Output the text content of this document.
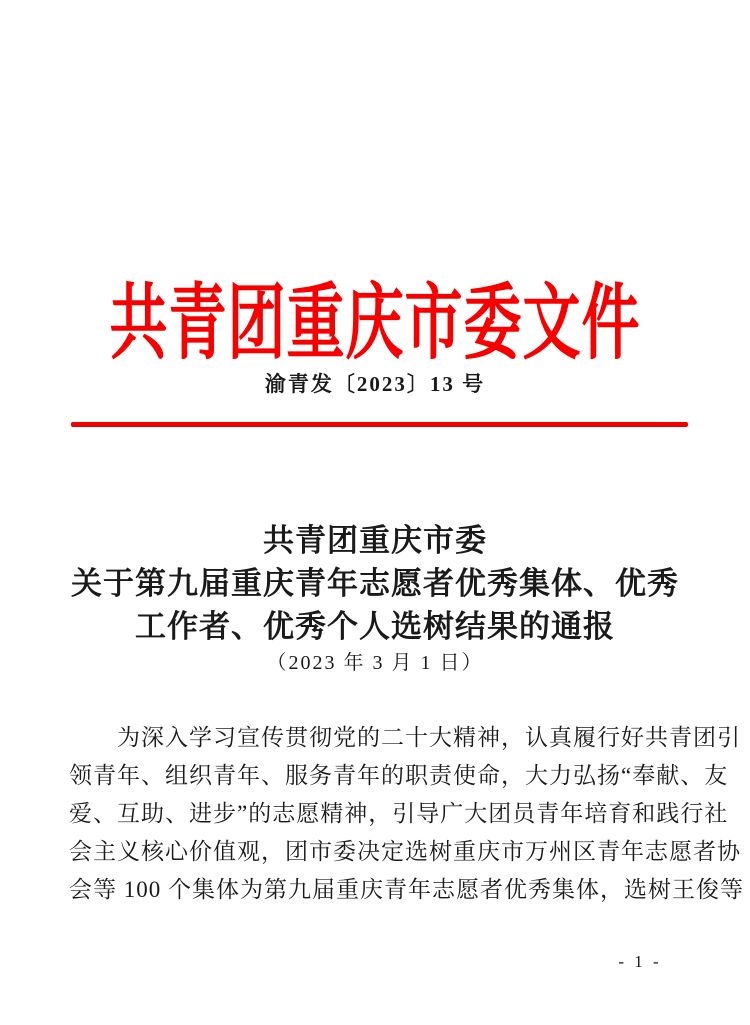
共青团重庆市委文件
渝青发〔2023〕13 号
共青团重庆市委
关于第九届重庆青年志愿者优秀集体、优秀
工作者、优秀个人选树结果的通报
（2023 年 3 月 1 日）
为深入学习宣传贯彻党的二十大精神，认真履行好共青团引
领青年、组织青年、服务青年的职责使命，大力弘扬“奉献、友
爱、互助、进步”的志愿精神，引导广大团员青年培育和践行社
会主义核心价值观，团市委决定选树重庆市万州区青年志愿者协
会等 100 个集体为第九届重庆青年志愿者优秀集体，选树王俊等
- 1 -
